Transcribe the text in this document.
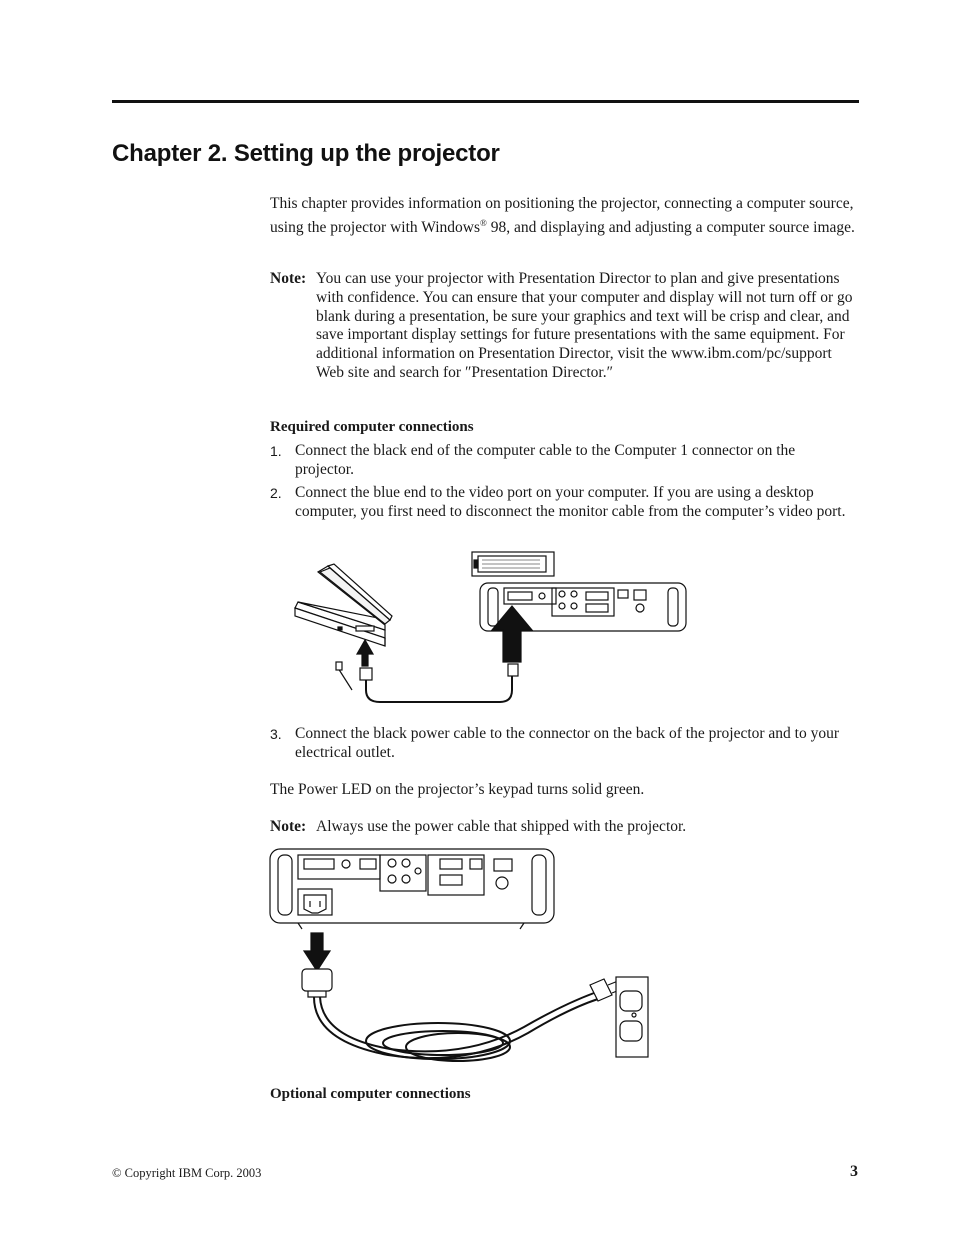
Chapter 2. Setting up the projector

This chapter provides information on positioning the projector, connecting a computer source, using the projector with Windows® 98, and displaying and adjusting a computer source image.

Note: You can use your projector with Presentation Director to plan and give presentations with confidence. You can ensure that your computer and display will not turn off or go blank during a presentation, be sure your graphics and text will be crisp and clear, and save important display settings for future presentations with the same equipment. For additional information on Presentation Director, visit the www.ibm.com/pc/support Web site and search for ″Presentation Director.″
Required computer connections
1. Connect the black end of the computer cable to the Computer 1 connector on the projector.
2. Connect the blue end to the video port on your computer. If you are using a desktop computer, you first need to disconnect the monitor cable from the computer’s video port.
3. Connect the black power cable to the connector on the back of the projector and to your electrical outlet.

The Power LED on the projector’s keypad turns solid green.

Note: Always use the power cable that shipped with the projector.
Optional computer connections
© Copyright IBM Corp. 2003	3
